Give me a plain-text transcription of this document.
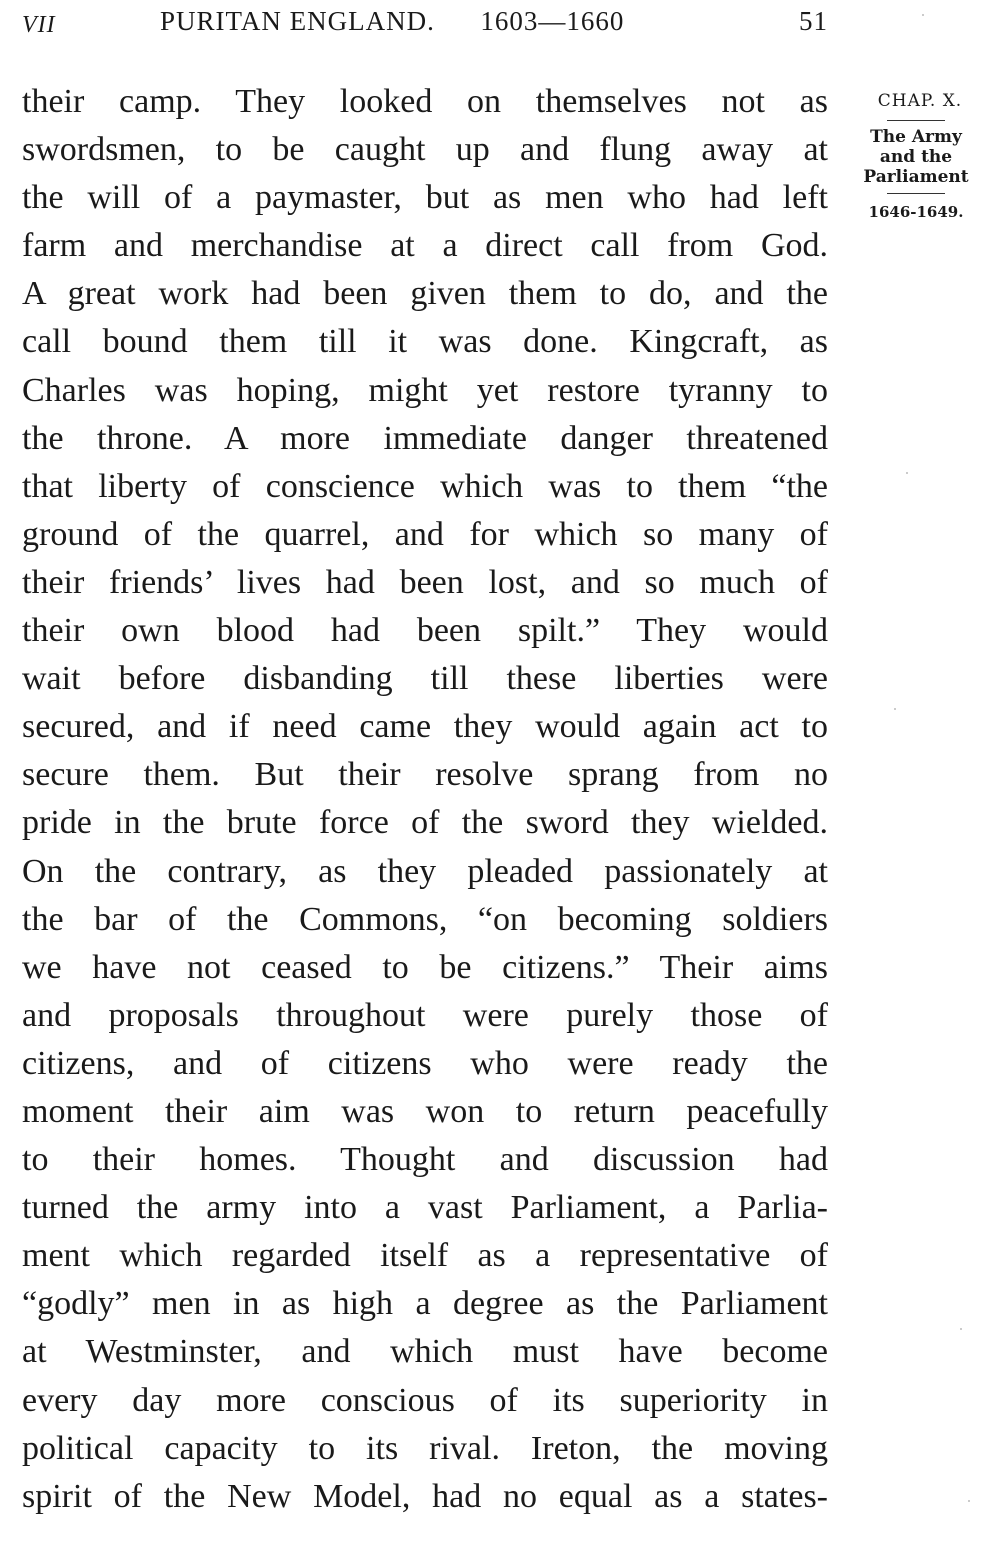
VII	PURITAN ENGLAND. 1603—1660	51
their camp. They looked on themselves not as
swordsmen, to be caught up and flung away at
the will of a paymaster, but as men who had left
farm and merchandise at a direct call from God.
A great work had been given them to do, and the
call bound them till it was done. Kingcraft, as
Charles was hoping, might yet restore tyranny to
the throne. A more immediate danger threatened
that liberty of conscience which was to them “the
ground of the quarrel, and for which so many of
their friends’ lives had been lost, and so much of
their own blood had been spilt.” They would
wait before disbanding till these liberties were
secured, and if need came they would again act to
secure them. But their resolve sprang from no
pride in the brute force of the sword they wielded.
On the contrary, as they pleaded passionately at
the bar of the Commons, “on becoming soldiers
we have not ceased to be citizens.” Their aims
and proposals throughout were purely those of
citizens, and of citizens who were ready the
moment their aim was won to return peacefully
to their homes. Thought and discussion had
turned the army into a vast Parliament, a Parlia-
ment which regarded itself as a representative of
“godly” men in as high a degree as the Parliament
at Westminster, and which must have become
every day more conscious of its superiority in
political capacity to its rival. Ireton, the moving
spirit of the New Model, had no equal as a states-
CHAP. X.
The Army
and the
Parliament
1646-1649.
